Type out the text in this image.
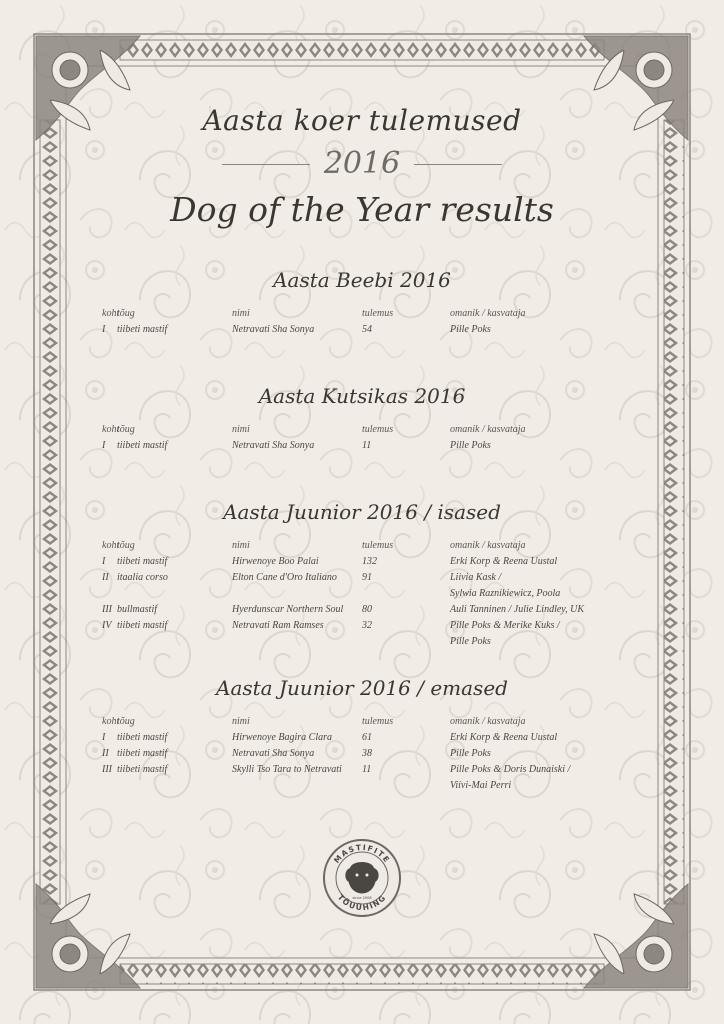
Aasta koer tulemused
2016
Dog of the Year results
Aasta Beebi 2016
koht
tõug	nimi	tulemus	omanik / kasvataja
I tiibeti mastif	Netravati Sha Sonya	54	Pille Poks
Aasta Kutsikas 2016
koht
tõug	nimi	tulemus	omanik / kasvataja
I tiibeti mastif	Netravati Sha Sonya	11	Pille Poks
Aasta Juunior 2016 / isased
koht
tõug	nimi	tulemus	omanik / kasvataja
I tiibeti mastif	Hirwenoye Boo Palai	132	Erki Korp & Reena Uustal
II itaalia corso	Elton Cane d'Oro Italiano	91	Liivia Kask /
Sylwia Raznikiewicz, Poola
III bullmastif	Hyerdunscar Northern Soul 80	Auli Tanninen / Julie Lindley, UK
IV tiibeti mastif	Netravati Ram Ramses	32	Pille Poks & Merike Kuks /
Pille Poks
Aasta Juunior 2016 / emased
koht
tõug	nimi	tulemus	omanik / kasvataja
I tiibeti mastif	Hirwenoye Bagira Clara	61	Erki Korp & Reena Uustal
II tiibeti mastif	Netravati Sha Sonya	38	Pille Poks
III tiibeti mastif	Skylli Tso Tara to Netravati 11	Pille Poks & Doris Dunaiski /
Viivi-Mai Perri
MASTIFITE
TÕUÜHING
since 2006
